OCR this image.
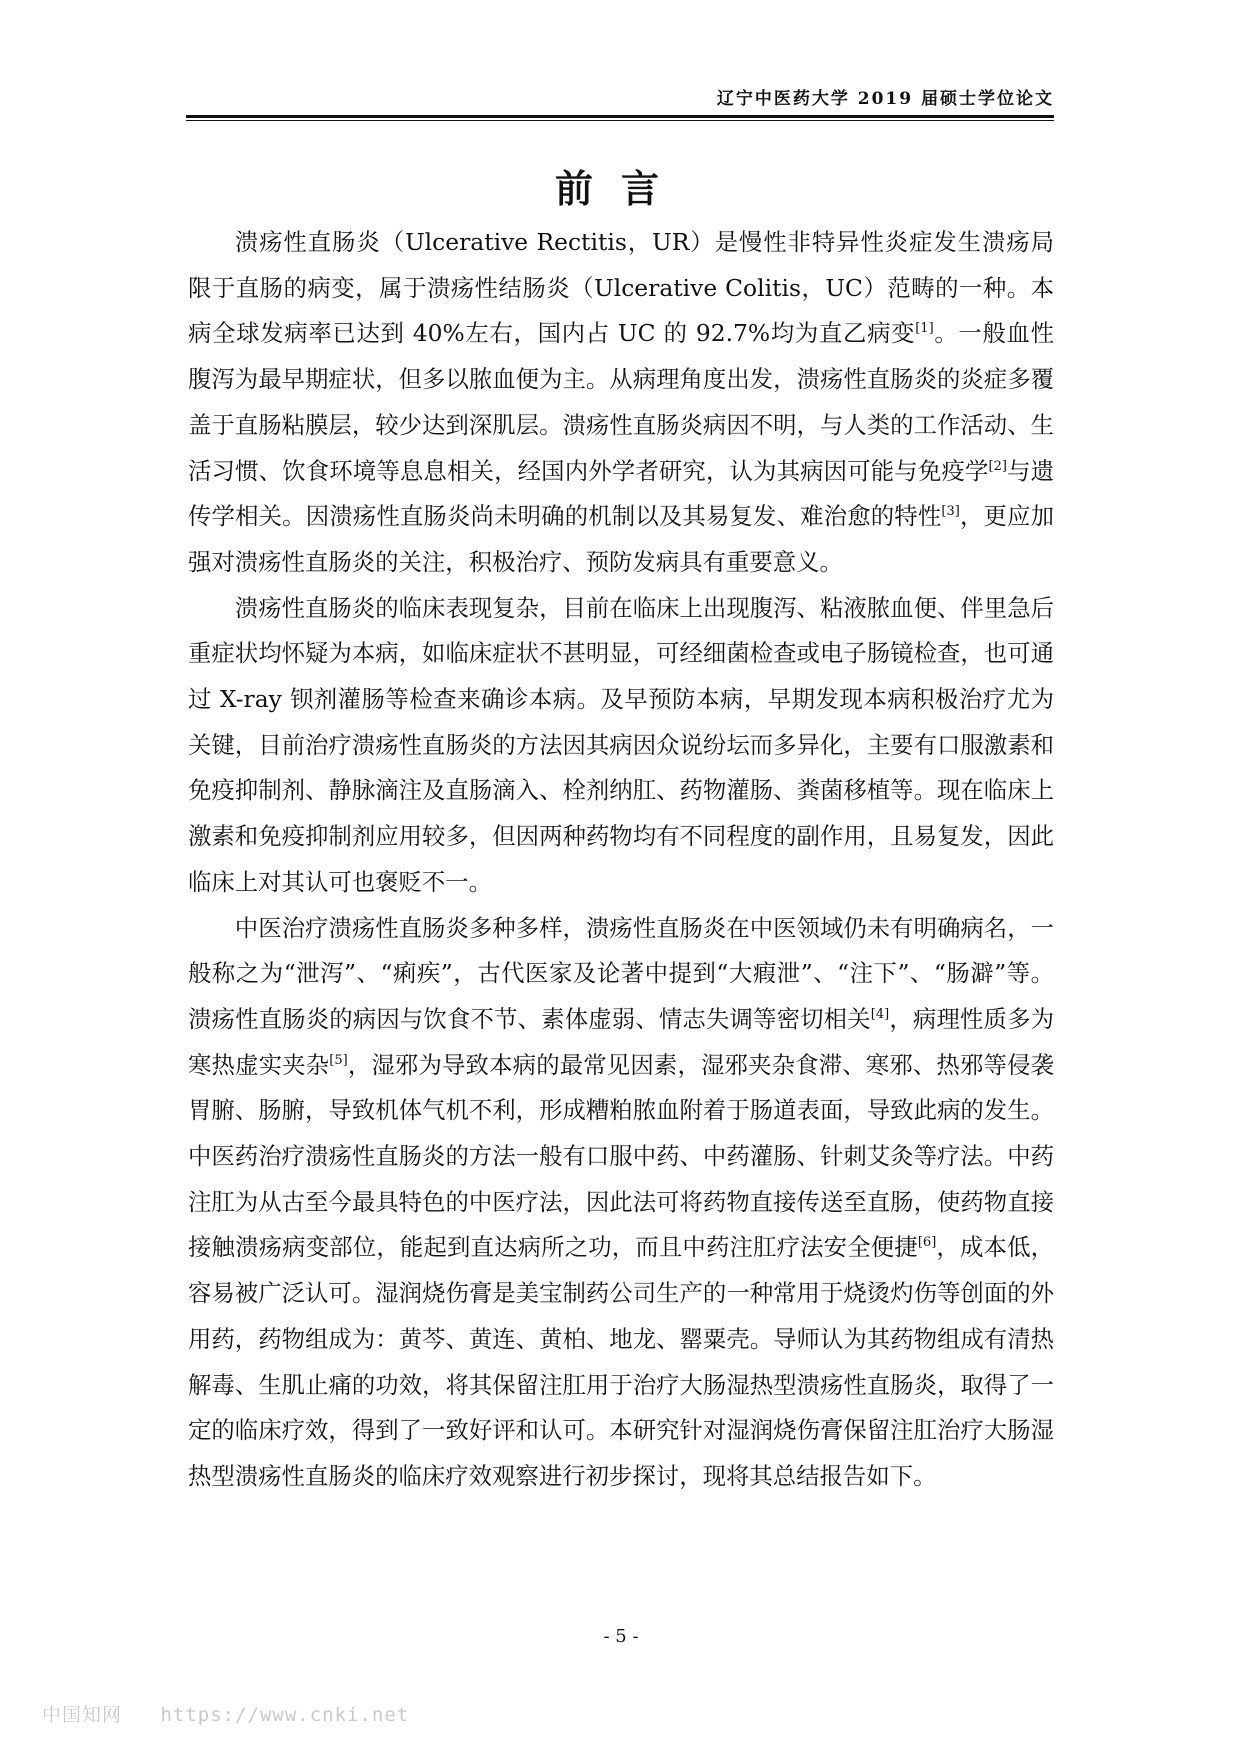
辽宁中医药大学 2019 届硕士学位论文
前言

溃疡性直肠炎（Ulcerative Rectitis，UR）是慢性非特异性炎症发生溃疡局限于直肠的病变，属于溃疡性结肠炎（Ulcerative Colitis，UC）范畴的一种。本病全球发病率已达到 40%左右，国内占 UC 的 92.7%均为直乙病变[1]。一般血性腹泻为最早期症状，但多以脓血便为主。从病理角度出发，溃疡性直肠炎的炎症多覆盖于直肠粘膜层，较少达到深肌层。溃疡性直肠炎病因不明，与人类的工作活动、生活习惯、饮食环境等息息相关，经国内外学者研究，认为其病因可能与免疫学[2]与遗传学相关。因溃疡性直肠炎尚未明确的机制以及其易复发、难治愈的特性[3]，更应加强对溃疡性直肠炎的关注，积极治疗、预防发病具有重要意义。

溃疡性直肠炎的临床表现复杂，目前在临床上出现腹泻、粘液脓血便、伴里急后重症状均怀疑为本病，如临床症状不甚明显，可经细菌检查或电子肠镜检查，也可通过 X-ray 钡剂灌肠等检查来确诊本病。及早预防本病，早期发现本病积极治疗尤为关键，目前治疗溃疡性直肠炎的方法因其病因众说纷坛而多异化，主要有口服激素和免疫抑制剂、静脉滴注及直肠滴入、栓剂纳肛、药物灌肠、粪菌移植等。现在临床上激素和免疫抑制剂应用较多，但因两种药物均有不同程度的副作用，且易复发，因此临床上对其认可也褒贬不一。

中医治疗溃疡性直肠炎多种多样，溃疡性直肠炎在中医领域仍未有明确病名，一般称之为“泄泻”、“痢疾”，古代医家及论著中提到“大瘕泄”、“注下”、“肠澼”等。溃疡性直肠炎的病因与饮食不节、素体虚弱、情志失调等密切相关[4]，病理性质多为寒热虚实夹杂[5]，湿邪为导致本病的最常见因素，湿邪夹杂食滞、寒邪、热邪等侵袭胃腑、肠腑，导致机体气机不利，形成糟粕脓血附着于肠道表面，导致此病的发生。中医药治疗溃疡性直肠炎的方法一般有口服中药、中药灌肠、针刺艾灸等疗法。中药注肛为从古至今最具特色的中医疗法，因此法可将药物直接传送至直肠，使药物直接接触溃疡病变部位，能起到直达病所之功，而且中药注肛疗法安全便捷[6]，成本低，容易被广泛认可。湿润烧伤膏是美宝制药公司生产的一种常用于烧烫灼伤等创面的外用药，药物组成为：黄芩、黄连、黄柏、地龙、罂粟壳。导师认为其药物组成有清热解毒、生肌止痛的功效，将其保留注肛用于治疗大肠湿热型溃疡性直肠炎，取得了一定的临床疗效，得到了一致好评和认可。本研究针对湿润烧伤膏保留注肛治疗大肠湿热型溃疡性直肠炎的临床疗效观察进行初步探讨，现将其总结报告如下。

- 5 -
中国知网 https://www.cnki.net
